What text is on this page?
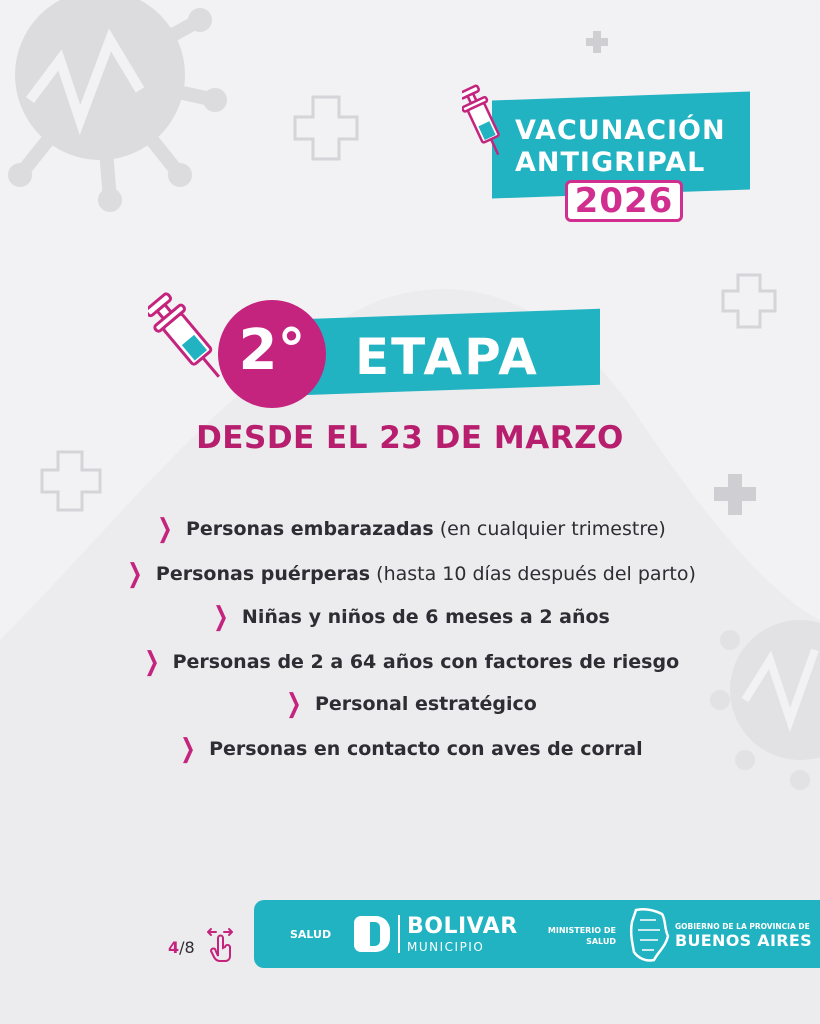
VACUNACIÓN
ANTIGRIPAL
2026
ETAPA
2°
DESDE EL 23 DE MARZO
❯ Personas embarazadas (en cualquier trimestre)
❯ Personas puérperas (hasta 10 días después del parto)
❯ Niñas y niños de 6 meses a 2 años
❯ Personas de 2 a 64 años con factores de riesgo
❯ Personal estratégico
❯ Personas en contacto con aves de corral
4/8
SALUD	BOLIVAR
MUNICIPIO
MINISTERIO DE
SALUD
GOBIERNO DE LA PROVINCIA DE
BUENOS AIRES
